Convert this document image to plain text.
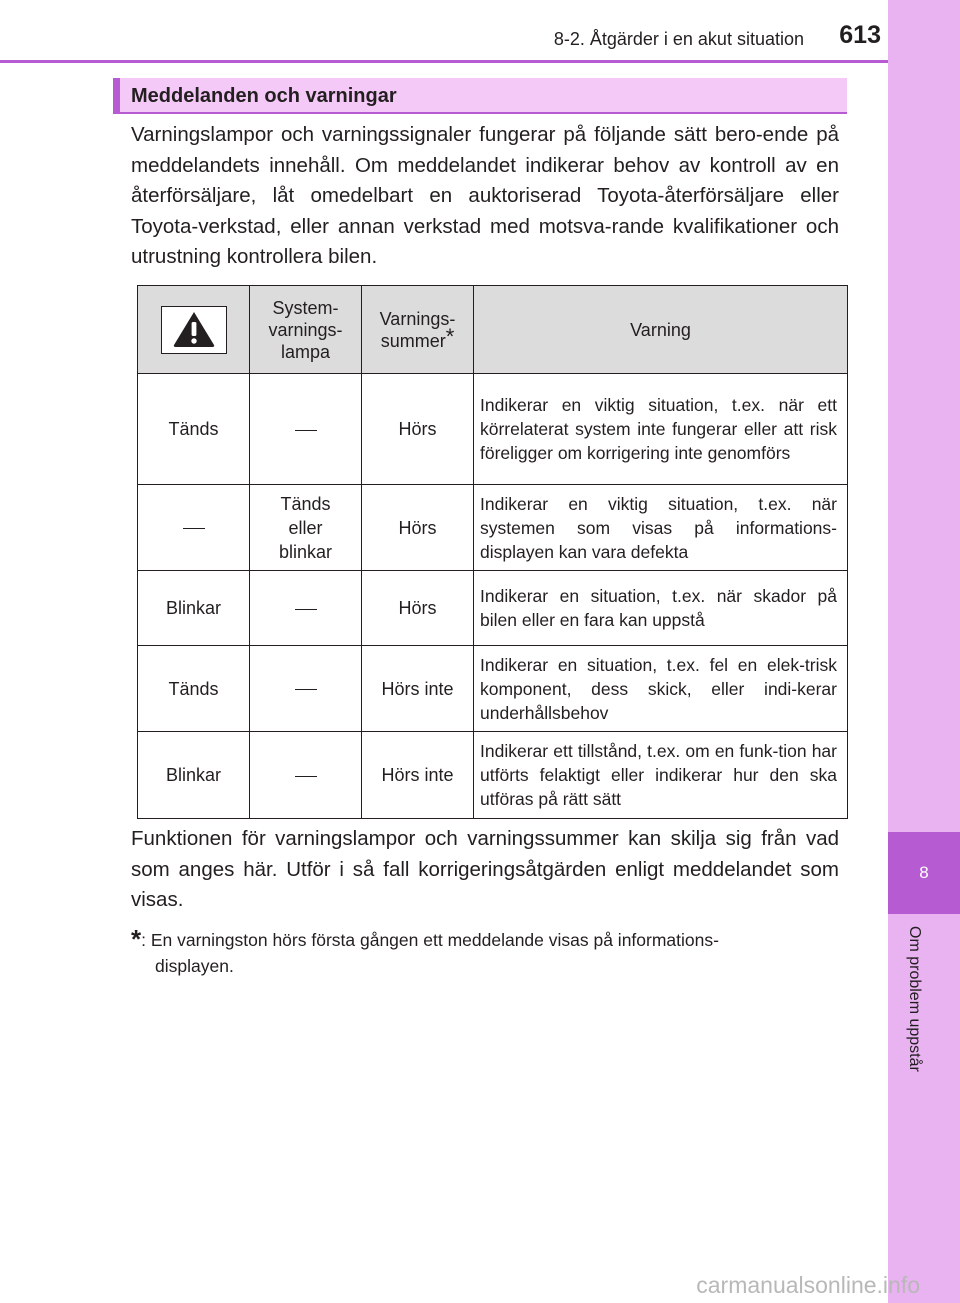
8
Om problem uppstår
8-2. Åtgärder i en akut situation	613
Meddelanden och varningar

Varningslampor och varningssignaler fungerar på följande sätt bero-ende på meddelandets innehåll. Om meddelandet indikerar behov av kontroll av en återförsäljare, låt omedelbart en auktoriserad Toyota-återförsäljare eller Toyota-verkstad, eller annan verkstad med motsva-rande kvalifikationer och utrustning kontrollera bilen.

	System-
varnings-
lampa	Varnings-
summer*	Varning
Tänds		Hörs	Indikerar en viktig situation, t.ex. när ett körrelaterat system inte fungerar eller att risk föreligger om korrigering inte genomförs
	Tänds
eller
blinkar	Hörs	Indikerar en viktig situation, t.ex. när systemen som visas på informations-displayen kan vara defekta
Blinkar		Hörs	Indikerar en situation, t.ex. när skador på bilen eller en fara kan uppstå
Tänds		Hörs inte	Indikerar en situation, t.ex. fel en elek-trisk komponent, dess skick, eller indi-kerar underhållsbehov
Blinkar		Hörs inte	Indikerar ett tillstånd, t.ex. om en funk-tion har utförts felaktigt eller indikerar hur den ska utföras på rätt sätt

Funktionen för varningslampor och varningssummer kan skilja sig från vad som anges här. Utför i så fall korrigeringsåtgärden enligt meddelandet som visas.

*: En varningston hörs första gången ett meddelande visas på informations-
displayen.
carmanualsonline.info
